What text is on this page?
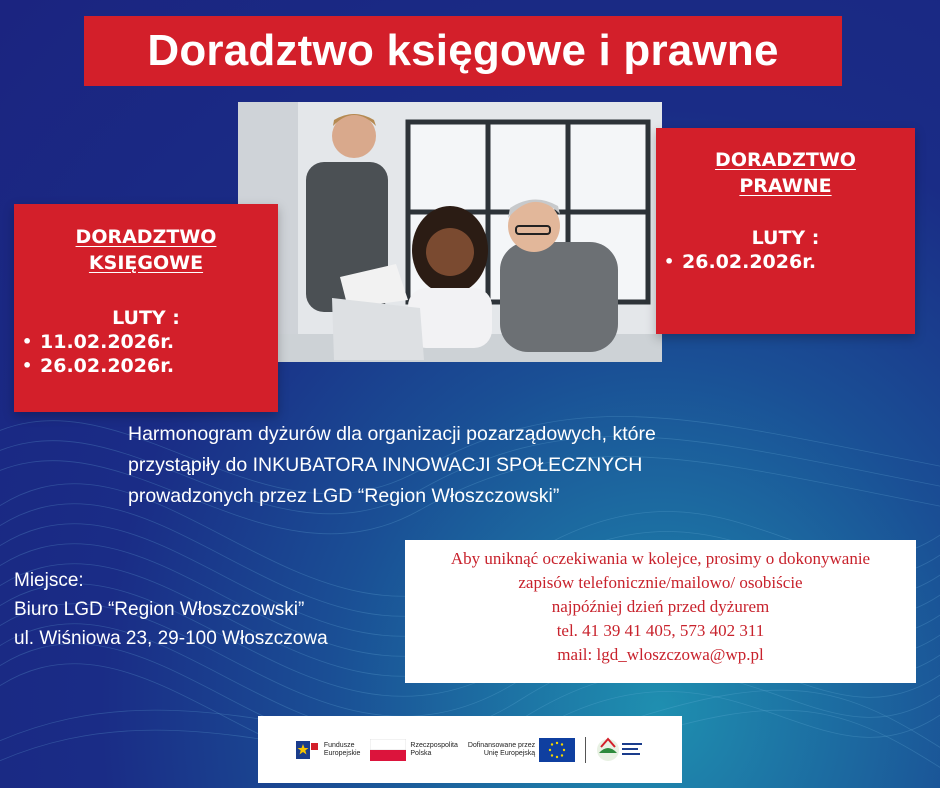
Doradztwo księgowe i prawne
DORADZTWO
KSIĘGOWE
LUTY :
• 11.02.2026r.
• 26.02.2026r.
DORADZTWO
PRAWNE
LUTY :
• 26.02.2026r.
Harmonogram dyżurów dla organizacji pozarządowych, które
przystąpiły do INKUBATORA INNOWACJI SPOŁECZNYCH
prowadzonych przez LGD “Region Włoszczowski”
Miejsce:
Biuro LGD “Region Włoszczowski”
ul. Wiśniowa 23, 29-100 Włoszczowa
Aby uniknąć oczekiwania w kolejce, prosimy o dokonywanie
zapisów telefonicznie/mailowo/ osobiście
najpóźniej dzień przed dyżurem
tel. 41 39 41 405, 573 402 311
mail: lgd_wloszczowa@wp.pl
Fundusze
Europejskie
Rzeczpospolita
Polska
Dofinansowane przez
Unię Europejską
